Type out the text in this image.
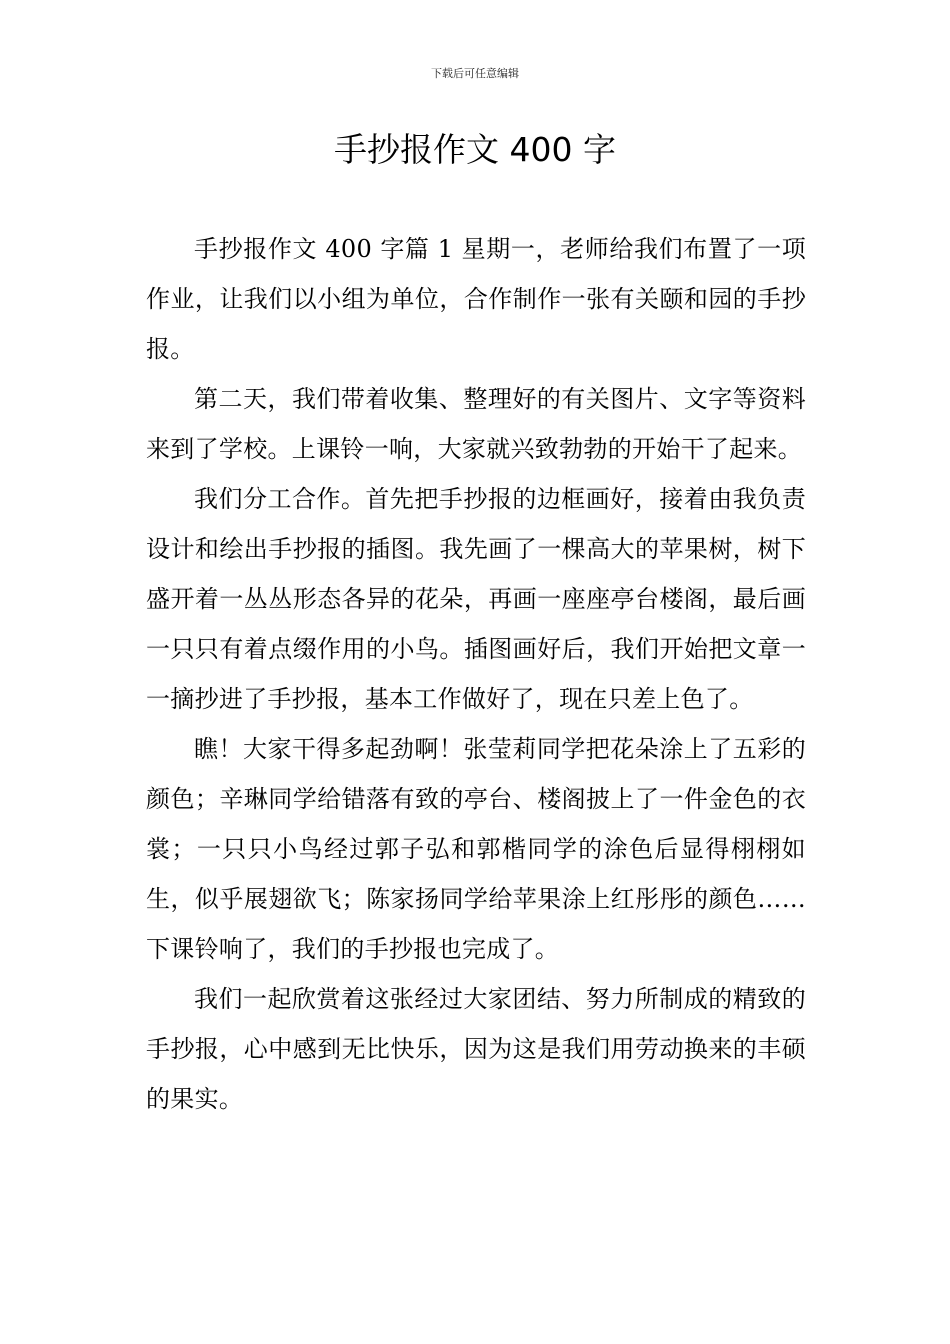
下载后可任意编辑
手抄报作文 400 字

手抄报作文 400 字篇 1 星期一，老师给我们布置了一项作业，让我们以小组为单位，合作制作一张有关颐和园的手抄报。

第二天，我们带着收集、整理好的有关图片、文字等资料来到了学校。上课铃一响，大家就兴致勃勃的开始干了起来。

我们分工合作。首先把手抄报的边框画好，接着由我负责设计和绘出手抄报的插图。我先画了一棵高大的苹果树，树下盛开着一丛丛形态各异的花朵，再画一座座亭台楼阁，最后画一只只有着点缀作用的小鸟。插图画好后，我们开始把文章一一摘抄进了手抄报，基本工作做好了，现在只差上色了。

瞧！大家干得多起劲啊！张莹莉同学把花朵涂上了五彩的颜色；辛琳同学给错落有致的亭台、楼阁披上了一件金色的衣裳；一只只小鸟经过郭子弘和郭楷同学的涂色后显得栩栩如生，似乎展翅欲飞；陈家扬同学给苹果涂上红彤彤的颜色……下课铃响了，我们的手抄报也完成了。

我们一起欣赏着这张经过大家团结、努力所制成的精致的手抄报，心中感到无比快乐，因为这是我们用劳动换来的丰硕的果实。
